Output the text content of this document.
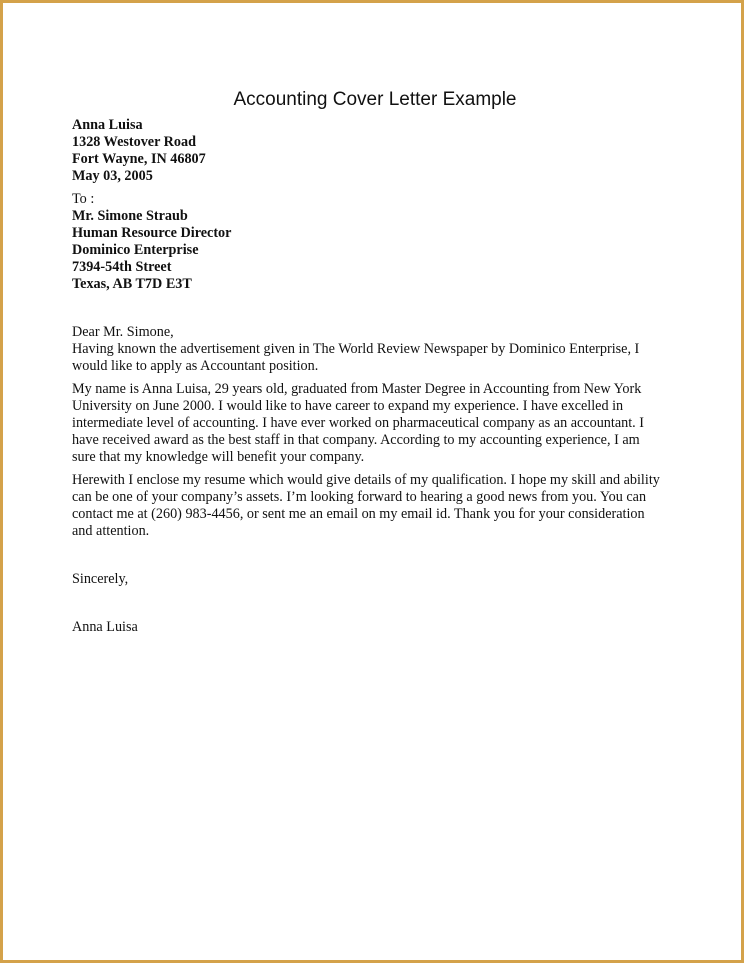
Accounting Cover Letter Example
Anna Luisa
1328 Westover Road
Fort Wayne, IN 46807
May 03, 2005
To :
Mr. Simone Straub
Human Resource Director
Dominico Enterprise
7394-54th Street
Texas, AB T7D E3T
Dear Mr. Simone,
Having known the advertisement given in The World Review Newspaper by Dominico Enterprise, I
would like to apply as Accountant position.
My name is Anna Luisa, 29 years old, graduated from Master Degree in Accounting from New York
University on June 2000. I would like to have career to expand my experience. I have excelled in
intermediate level of accounting. I have ever worked on pharmaceutical company as an accountant. I
have received award as the best staff in that company. According to my accounting experience, I am
sure that my knowledge will benefit your company.
Herewith I enclose my resume which would give details of my qualification. I hope my skill and ability
can be one of your company’s assets. I’m looking forward to hearing a good news from you. You can
contact me at (260) 983-4456, or sent me an email on my email id. Thank you for your consideration
and attention.
Sincerely,
Anna Luisa
